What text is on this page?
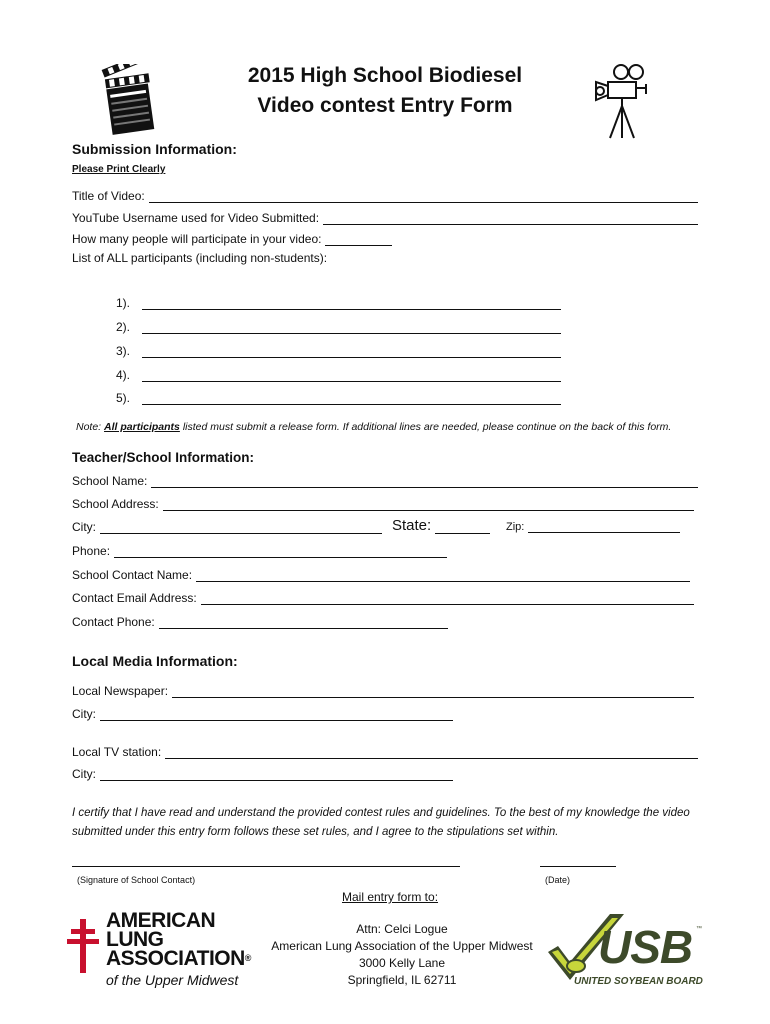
2015 High School Biodiesel
Video contest Entry Form
Submission Information:
Please Print Clearly
Title of Video:
YouTube Username used for Video Submitted:
How many people will participate in your video:
List of ALL participants (including non-students):
1).
2).
3).
4).
5).
Note: All participants listed must submit a release form. If additional lines are needed, please continue on the back of this form.
Teacher/School Information:
School Name:
School Address:
City:	State:	Zip:
Phone:
School Contact Name:
Contact Email Address:
Contact Phone:
Local Media Information:
Local Newspaper:
City:
Local TV station:
City:
I certify that I have read and understand the provided contest rules and guidelines. To the best of my knowledge the video submitted under this entry form follows these set rules, and I agree to the stipulations set within.
(Signature of School Contact)	(Date)
Mail entry form to:
Attn: Celci Logue
American Lung Association of the Upper Midwest
3000 Kelly Lane
Springfield, IL 62711
AMERICAN
LUNG
ASSOCIATION®
of the Upper Midwest
USB ™
UNITED SOYBEAN BOARD
